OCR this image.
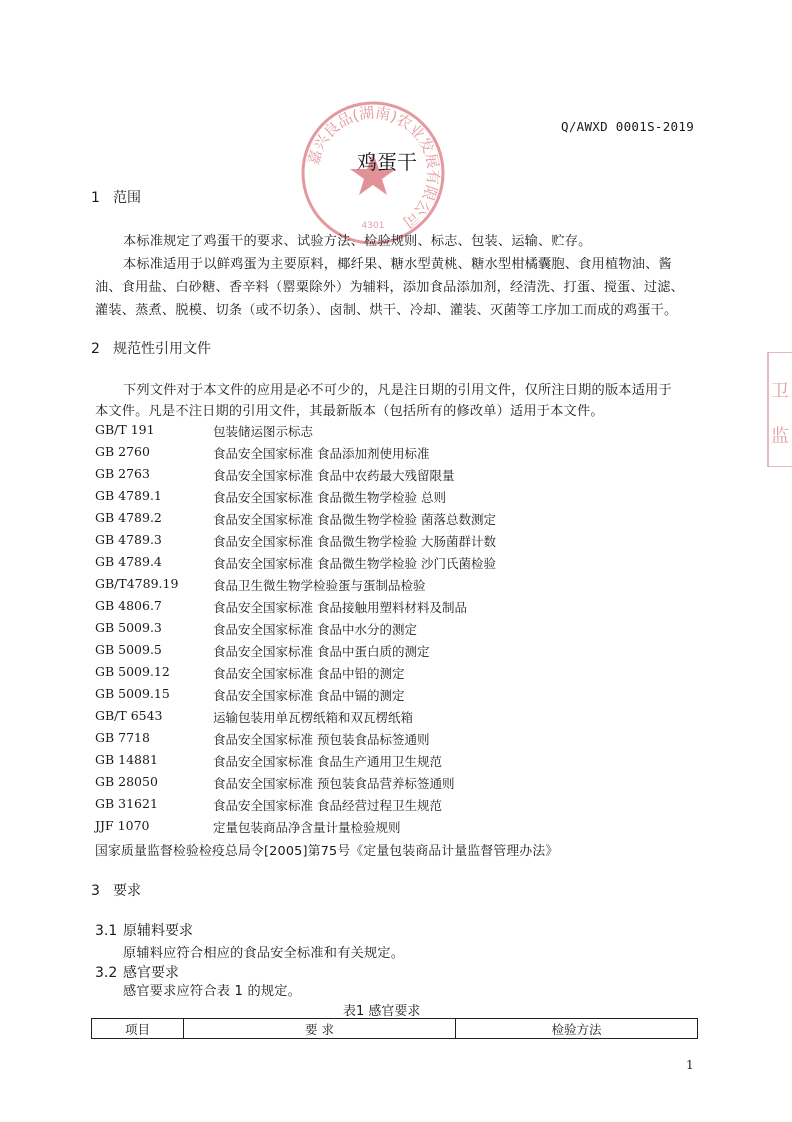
嘉兴良品(湖南)农业发展有限公司
4301
卫
监
Q/AWXD 0001S-2019
鸡蛋干
1 范围
本标准规定了鸡蛋干的要求、试验方法、检验规则、标志、包装、运输、贮存。
本标准适用于以鲜鸡蛋为主要原料，椰纤果、糖水型黄桃、糖水型柑橘囊胞、食用植物油、酱
油、食用盐、白砂糖、香辛料（罂粟除外）为辅料，添加食品添加剂，经清洗、打蛋、搅蛋、过滤、
灌装、蒸煮、脱模、切条（或不切条）、卤制、烘干、冷却、灌装、灭菌等工序加工而成的鸡蛋干。
2 规范性引用文件
下列文件对于本文件的应用是必不可少的，凡是注日期的引用文件，仅所注日期的版本适用于
本文件。凡是不注日期的引用文件，其最新版本（包括所有的修改单）适用于本文件。
GB/T 191	包装储运图示标志
GB 2760	食品安全国家标准 食品添加剂使用标准
GB 2763	食品安全国家标准 食品中农药最大残留限量
GB 4789.1	食品安全国家标准 食品微生物学检验 总则
GB 4789.2	食品安全国家标准 食品微生物学检验 菌落总数测定
GB 4789.3	食品安全国家标准 食品微生物学检验 大肠菌群计数
GB 4789.4	食品安全国家标准 食品微生物学检验 沙门氏菌检验
GB/T4789.19	食品卫生微生物学检验蛋与蛋制品检验
GB 4806.7	食品安全国家标准 食品接触用塑料材料及制品
GB 5009.3	食品安全国家标准 食品中水分的测定
GB 5009.5	食品安全国家标准 食品中蛋白质的测定
GB 5009.12	食品安全国家标准 食品中铅的测定
GB 5009.15	食品安全国家标准 食品中镉的测定
GB/T 6543	运输包装用单瓦楞纸箱和双瓦楞纸箱
GB 7718	食品安全国家标准 预包装食品标签通则
GB 14881	食品安全国家标准 食品生产通用卫生规范
GB 28050	食品安全国家标准 预包装食品营养标签通则
GB 31621	食品安全国家标准 食品经营过程卫生规范
JJF 1070	定量包装商品净含量计量检验规则
国家质量监督检验检疫总局令[2005]第75号《定量包装商品计量监督管理办法》
3 要求
3.1 原辅料要求
原辅料应符合相应的食品安全标准和有关规定。
3.2 感官要求
感官要求应符合表 1 的规定。
表1 感官要求
项目	要 求	检验方法
1
